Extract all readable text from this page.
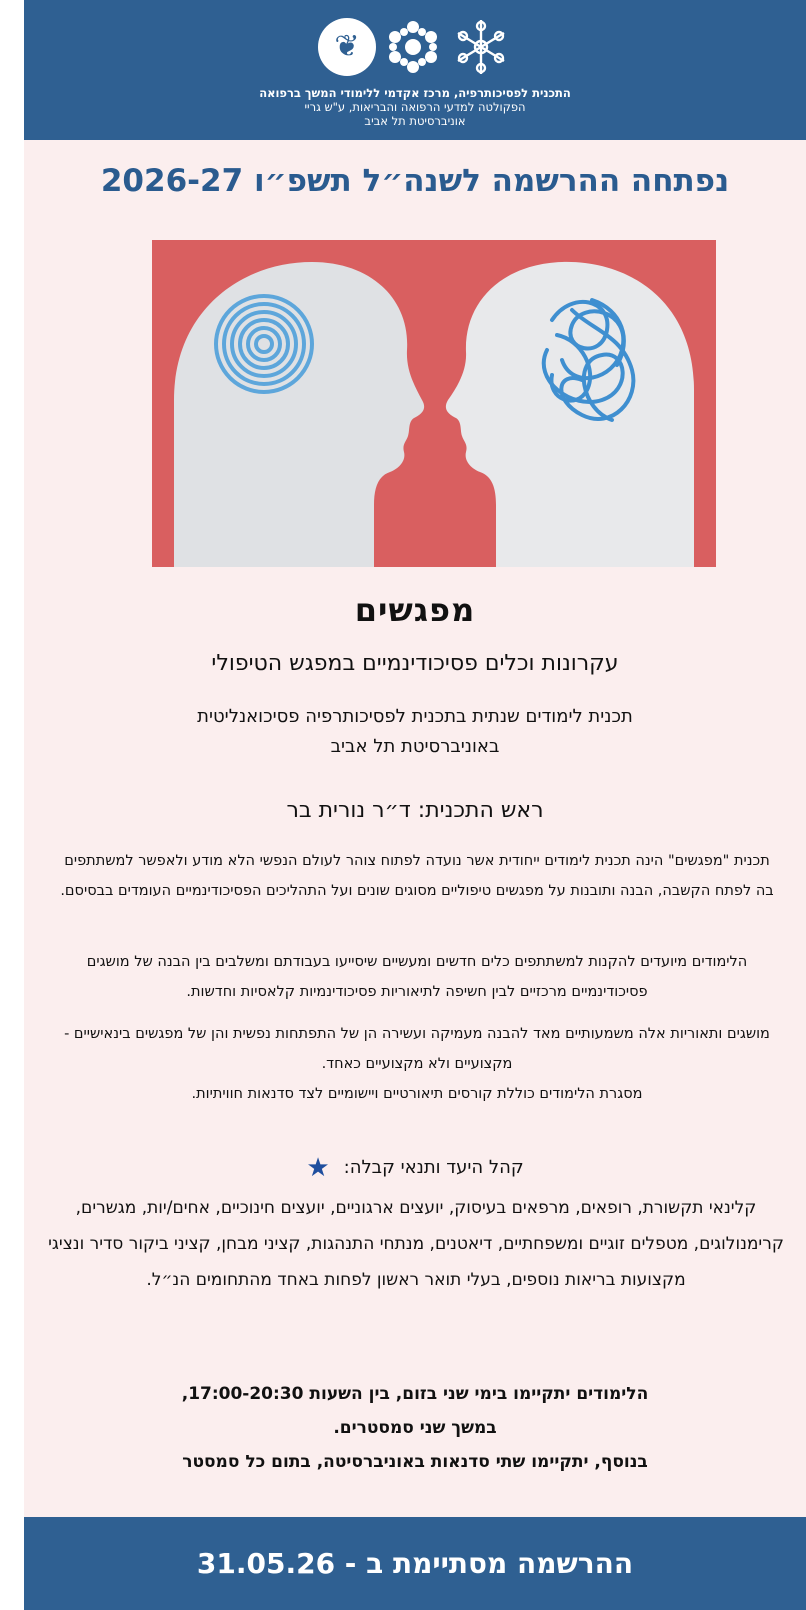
❦
התכנית לפסיכותרפיה, מרכז אקדמי ללימודי המשך ברפואה
הפקולטה למדעי הרפואה והבריאות, ע"ש גריי
אוניברסיטת תל אביב
נפתחה ההרשמה לשנה״ל תשפ״ו 2026-27
מפגשים
עקרונות וכלים פסיכודינמיים במפגש הטיפולי
תכנית לימודים שנתית בתכנית לפסיכותרפיה פסיכואנליטית
באוניברסיטת תל אביב
ראש התכנית: ד״ר נורית בר
תכנית "מפגשים" הינה תכנית לימודים ייחודית אשר נועדה לפתוח צוהר לעולם הנפשי הלא מודע ולאפשר למשתתפים בה לפתח הקשבה, הבנה ותובנות על מפגשים טיפוליים מסוגים שונים ועל התהליכים הפסיכודינמיים העומדים בבסיסם.
הלימודים מיועדים להקנות למשתתפים כלים חדשים ומעשיים שיסייעו בעבודתם ומשלבים בין הבנה של מושגים פסיכודינמיים מרכזיים לבין חשיפה לתיאוריות פסיכודינמיות קלאסיות וחדשות.
מושגים ותאוריות אלה משמעותיים מאד להבנה מעמיקה ועשירה הן של התפתחות נפשית והן של מפגשים בינאישיים - מקצועיים ולא מקצועיים כאחד.
מסגרת הלימודים כוללת קורסים תיאורטיים ויישומיים לצד סדנאות חוויתיות.
קהל היעד ותנאי קבלה:★
קלינאי תקשורת, רופאים, מרפאים בעיסוק, יועצים ארגוניים, יועצים חינוכיים, אחים/יות, מגשרים, קרימנולוגים, מטפלים זוגיים ומשפחתיים, דיאטנים, מנתחי התנהגות, קציני מבחן, קציני ביקור סדיר ונציגי מקצועות בריאות נוספים, בעלי תואר ראשון לפחות באחד מהתחומים הנ״ל.
הלימודים יתקיימו בימי שני בזום, בין השעות 17:00-20:30,
במשך שני סמסטרים.
בנוסף, יתקיימו שתי סדנאות באוניברסיטה, בתום כל סמסטר
ההרשמה מסתיימת ב - 31.05.26
